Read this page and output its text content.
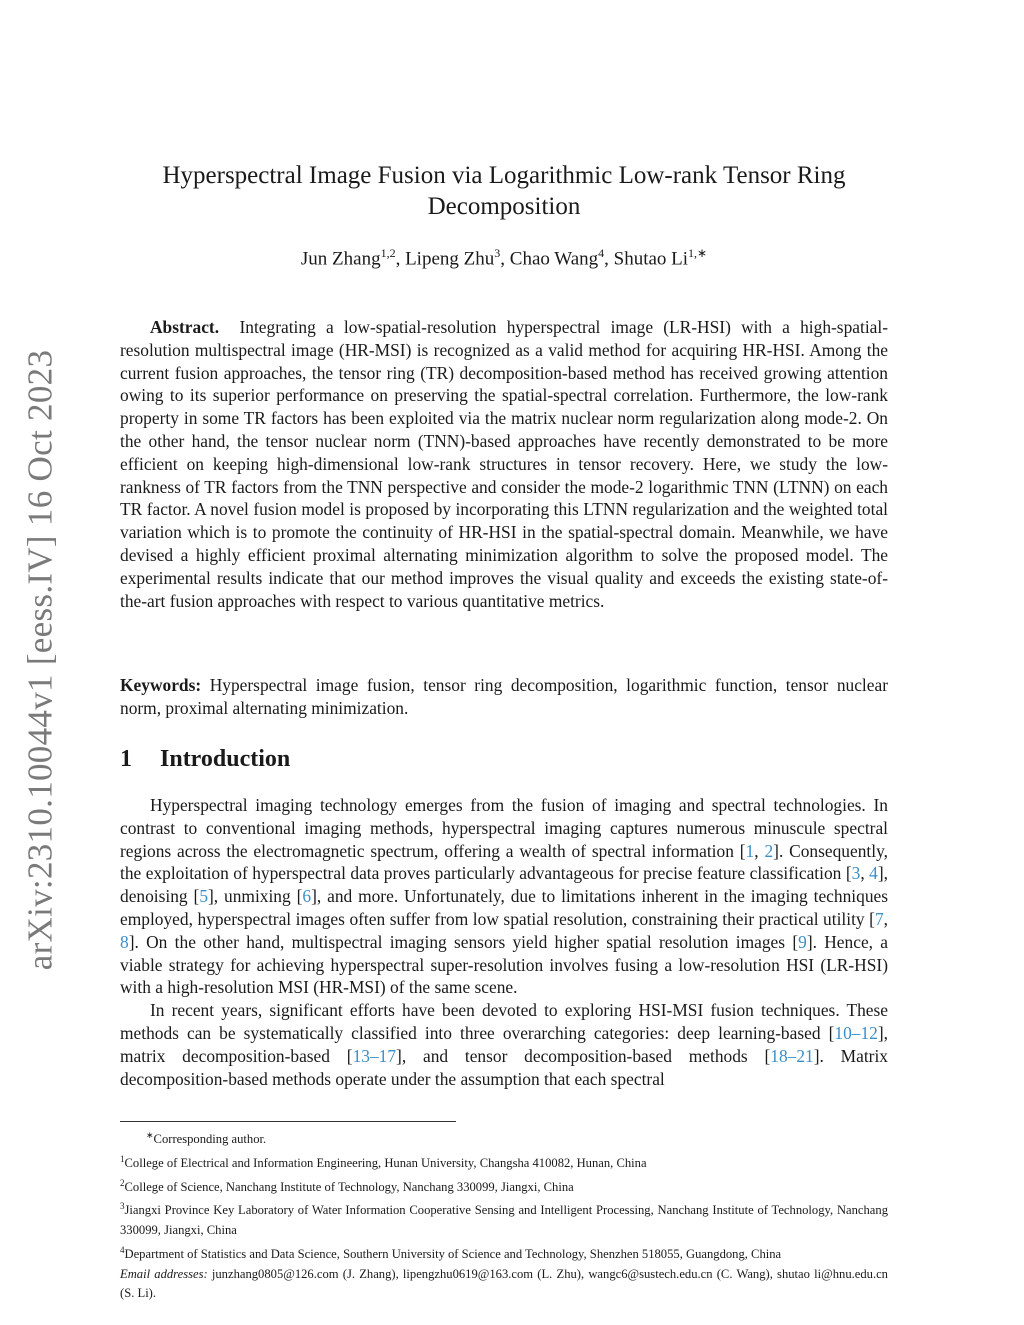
arXiv:2310.10044v1 [eess.IV] 16 Oct 2023
Hyperspectral Image Fusion via Logarithmic Low-rank Tensor Ring Decomposition
Jun Zhang$^{1,2}$, Lipeng Zhu$^3$, Chao Wang$^4$, Shutao $Li^{1,∗}$

Abstract. Integrating a low-spatial-resolution hyperspectral image (LR-HSI) with a high-spatial-resolution multispectral image (HR-MSI) is recognized as a valid method for acquiring HR-HSI. Among the current fusion approaches, the tensor ring (TR) decomposition-based method has received growing attention owing to its superior performance on preserving the spatial-spectral correlation. Furthermore, the low-rank property in some TR factors has been exploited via the matrix nuclear norm regularization along mode-2. On the other hand, the tensor nuclear norm (TNN)-based approaches have recently demonstrated to be more efficient on keeping high-dimensional low-rank structures in tensor recovery. Here, we study the low-rankness of TR factors from the TNN perspective and consider the mode-2 logarithmic TNN (LTNN) on each TR factor. A novel fusion model is proposed by incorporating this LTNN regularization and the weighted total variation which is to promote the continuity of HR-HSI in the spatial-spectral domain. Meanwhile, we have devised a highly efficient proximal alternating minimization algorithm to solve the proposed model. The experimental results indicate that our method improves the visual quality and exceeds the existing state-of-the-art fusion approaches with respect to various quantitative metrics.

Keywords: Hyperspectral image fusion, tensor ring decomposition, logarithmic function, tensor nuclear norm, proximal alternating minimization.

1 Introduction

Hyperspectral imaging technology emerges from the fusion of imaging and spectral technologies. In contrast to conventional imaging methods, hyperspectral imaging captures numerous minuscule spectral regions across the electromagnetic spectrum, offering a wealth of spectral information [1, 2]. Consequently, the exploitation of hyperspectral data proves particularly advantageous for precise feature classification [3, 4], denoising [5], unmixing [6], and more. Unfortunately, due to limitations inherent in the imaging techniques employed, hyperspectral images often suffer from low spatial resolution, constraining their practical utility [7, 8]. On the other hand, multispectral imaging sensors yield higher spatial resolution images [9]. Hence, a viable strategy for achieving hyperspectral super-resolution involves fusing a low-resolution HSI (LR-HSI) with a high-resolution MSI (HR-MSI) of the same scene.

In recent years, significant efforts have been devoted to exploring HSI-MSI fusion techniques. These methods can be systematically classified into three overarching categories: deep learning-based [10–12], matrix decomposition-based [13–17], and tensor decomposition-based methods [18–21]. Matrix decomposition-based methods operate under the assumption that each spectral

∗Corresponding author.

$^1$College of Electrical and Information Engineering, Hunan University, Changsha 410082, Hunan, China

$^2$College of Science, Nanchang Institute of Technology, Nanchang 330099, Jiangxi, China

$^3$Jiangxi Province Key Laboratory of Water Information Cooperative Sensing and Intelligent Processing, Nanchang Institute of Technology, Nanchang 330099, Jiangxi, China

$^4$Department of Statistics and Data Science, Southern University of Science and Technology, Shenzhen 518055, Guangdong, China

Email addresses: junzhang0805@126.com (J. Zhang), lipengzhu0619@163.com (L. Zhu), wangc6@sustech.edu.cn (C. Wang), shutao li@hnu.edu.cn (S. Li).
